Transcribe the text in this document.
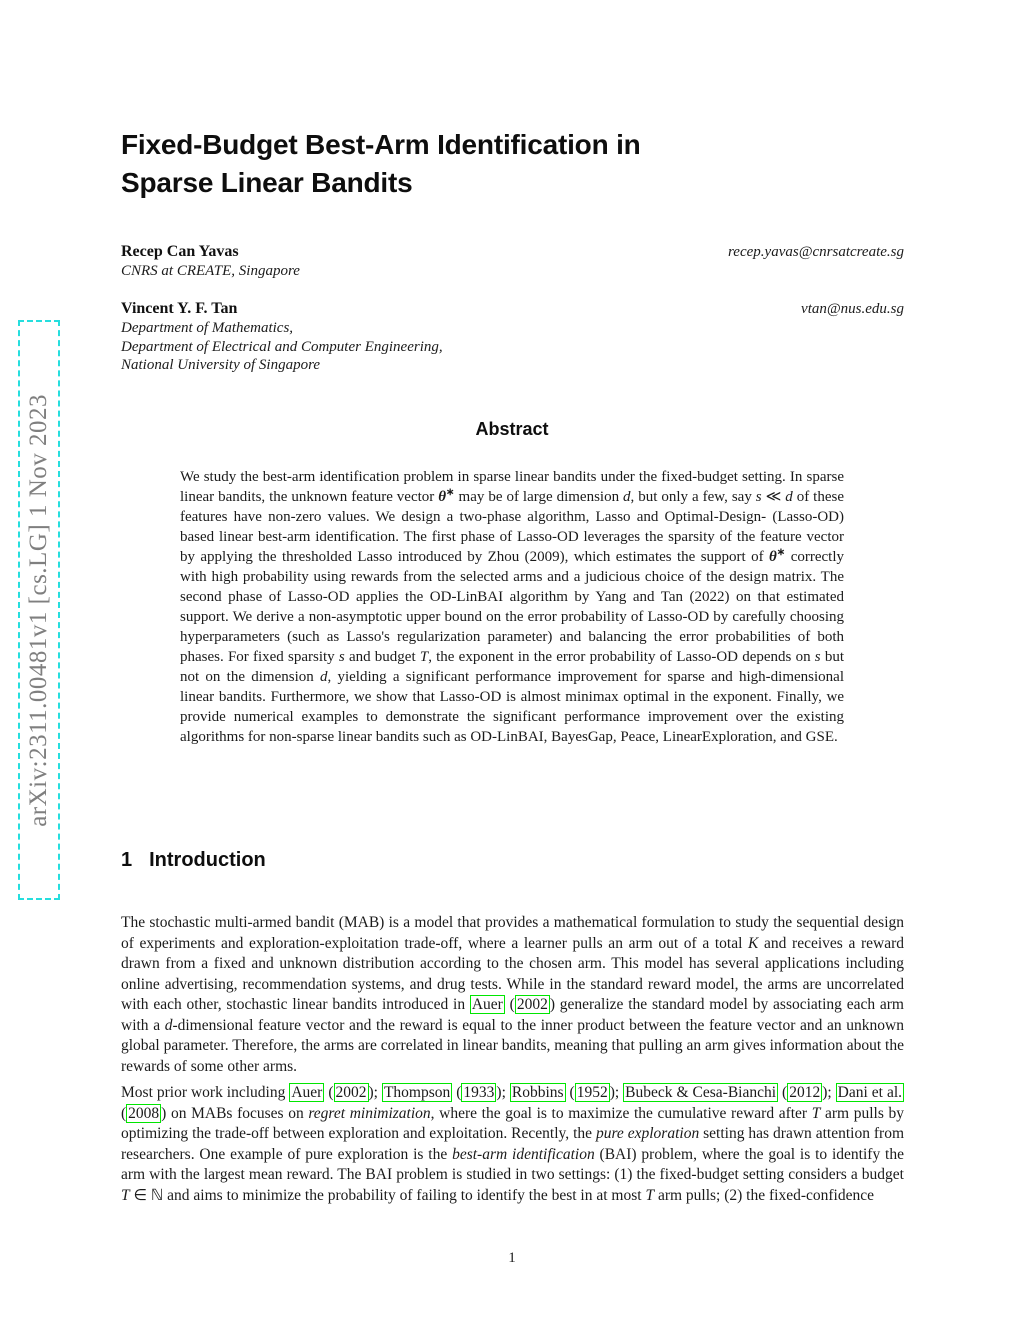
arXiv:2311.00481v1 [cs.LG] 1 Nov 2023
Fixed-Budget Best-Arm Identification in
Sparse Linear Bandits
Recep Can Yavas	recep.yavas@cnrsatcreate.sg
CNRS at CREATE, Singapore
Vincent Y. F. Tan	vtan@nus.edu.sg
Department of Mathematics,
Department of Electrical and Computer Engineering,
National University of Singapore
Abstract
We study the best-arm identification problem in sparse linear bandits under the fixed-budget setting. In sparse linear bandits, the unknown feature vector θ∗ may be of large dimension d, but only a few, say s ≪ d of these features have non-zero values. We design a two-phase algorithm, Lasso and Optimal-Design- (Lasso-OD) based linear best-arm identification. The first phase of Lasso-OD leverages the sparsity of the feature vector by applying the thresholded Lasso introduced by Zhou (2009), which estimates the support of θ∗ correctly with high probability using rewards from the selected arms and a judicious choice of the design matrix. The second phase of Lasso-OD applies the OD-LinBAI algorithm by Yang and Tan (2022) on that estimated support. We derive a non-asymptotic upper bound on the error probability of Lasso-OD by carefully choosing hyperparameters (such as Lasso's regularization parameter) and balancing the error probabilities of both phases. For fixed sparsity s and budget T, the exponent in the error probability of Lasso-OD depends on s but not on the dimension d, yielding a significant performance improvement for sparse and high-dimensional linear bandits. Furthermore, we show that Lasso-OD is almost minimax optimal in the exponent. Finally, we provide numerical examples to demonstrate the significant performance improvement over the existing algorithms for non-sparse linear bandits such as OD-LinBAI, BayesGap, Peace, LinearExploration, and GSE.
1 Introduction
The stochastic multi-armed bandit (MAB) is a model that provides a mathematical formulation to study the sequential design of experiments and exploration-exploitation trade-off, where a learner pulls an arm out of a total K and receives a reward drawn from a fixed and unknown distribution according to the chosen arm. This model has several applications including online advertising, recommendation systems, and drug tests. While in the standard reward model, the arms are uncorrelated with each other, stochastic linear bandits introduced in Auer ( 2002 ) generalize the standard model by associating each arm with a d-dimensional feature vector and the reward is equal to the inner product between the feature vector and an unknown global parameter. Therefore, the arms are correlated in linear bandits, meaning that pulling an arm gives information about the rewards of some other arms.
Most prior work including Auer ( 2002 ); Thompson ( 1933 ); Robbins ( 1952 ); Bubeck & Cesa-Bianchi ( 2012 ); Dani et al. ( 2008 ) on MABs focuses on regret minimization, where the goal is to maximize the cumulative reward after T arm pulls by optimizing the trade-off between exploration and exploitation. Recently, the pure exploration setting has drawn attention from researchers. One example of pure exploration is the best-arm identification (BAI) problem, where the goal is to identify the arm with the largest mean reward. The BAI problem is studied in two settings: (1) the fixed-budget setting considers a budget T ∈ ℕ and aims to minimize the probability of failing to identify the best in at most T arm pulls; (2) the fixed-confidence
1
